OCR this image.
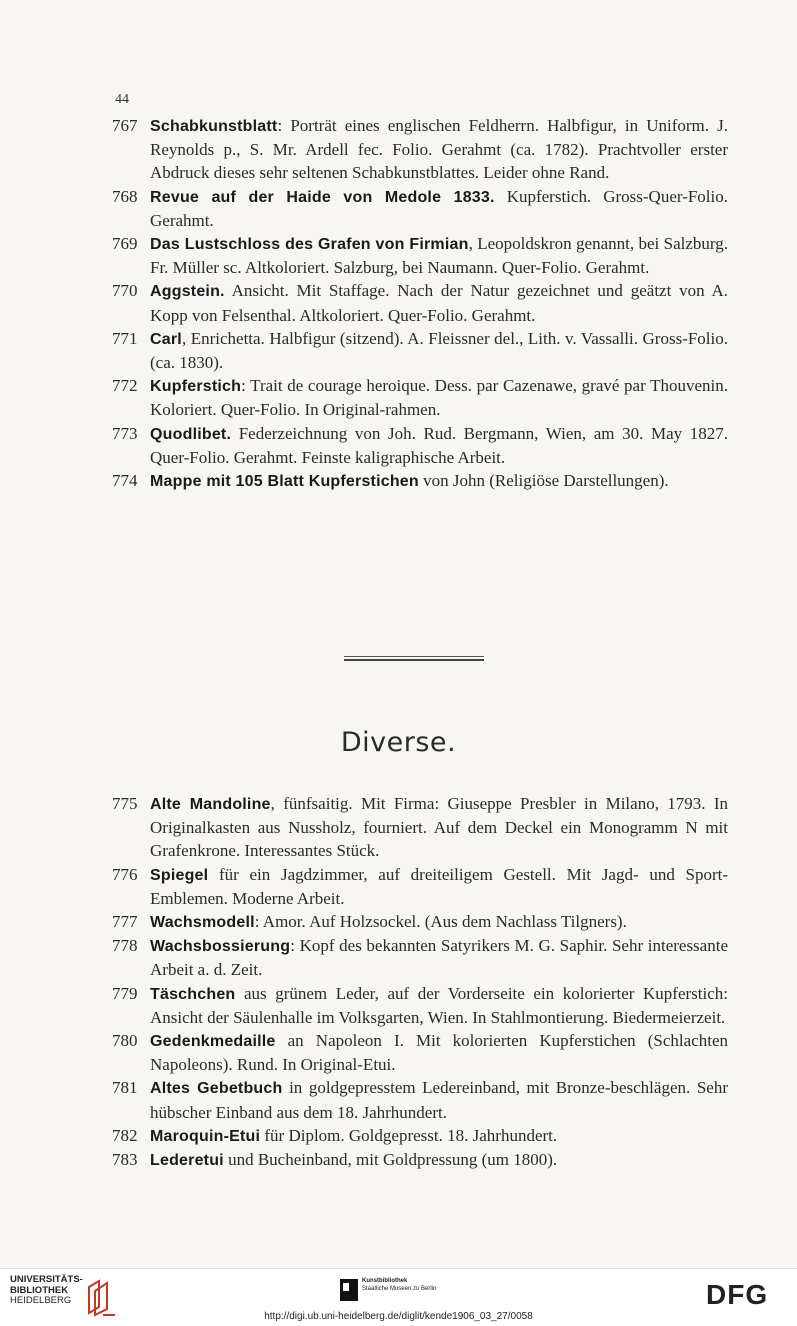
44
767 Schabkunstblatt: Porträt eines englischen Feldherrn. Halbfigur, in Uniform. J. Reynolds p., S. Mr. Ardell fec. Folio. Gerahmt (ca. 1782). Prachtvoller erster Abdruck dieses sehr seltenen Schabkunstblattes. Leider ohne Rand.
768 Revue auf der Haide von Medole 1833. Kupferstich. Gross-Quer-Folio. Gerahmt.
769 Das Lustschloss des Grafen von Firmian, Leopoldskron genannt, bei Salzburg. Fr. Müller sc. Altkoloriert. Salzburg, bei Naumann. Quer-Folio. Gerahmt.
770 Aggstein. Ansicht. Mit Staffage. Nach der Natur gezeichnet und geätzt von A. Kopp von Felsenthal. Altkoloriert. Quer-Folio. Gerahmt.
771 Carl, Enrichetta. Halbfigur (sitzend). A. Fleissner del., Lith. v. Vassalli. Gross-Folio. (ca. 1830).
772 Kupferstich: Trait de courage heroique. Dess. par Cazenawe, gravé par Thouvenin. Koloriert. Quer-Folio. In Original-rahmen.
773 Quodlibet. Federzeichnung von Joh. Rud. Bergmann, Wien, am 30. May 1827. Quer-Folio. Gerahmt. Feinste kaligraphische Arbeit.
774 Mappe mit 105 Blatt Kupferstichen von John (Religiöse Darstellungen).
Diverse.
775 Alte Mandoline, fünfsaitig. Mit Firma: Giuseppe Presbler in Milano, 1793. In Originalkasten aus Nussholz, fourniert. Auf dem Deckel ein Monogramm N mit Grafenkrone. Interessantes Stück.
776 Spiegel für ein Jagdzimmer, auf dreiteiligem Gestell. Mit Jagd- und Sport-Emblemen. Moderne Arbeit.
777 Wachsmodell: Amor. Auf Holzsockel. (Aus dem Nachlass Tilgners).
778 Wachsbossierung: Kopf des bekannten Satyrikers M. G. Saphir. Sehr interessante Arbeit a. d. Zeit.
779 Täschchen aus grünem Leder, auf der Vorderseite ein kolorierter Kupferstich: Ansicht der Säulenhalle im Volksgarten, Wien. In Stahlmontierung. Biedermeierzeit.
780 Gedenkmedaille an Napoleon I. Mit kolorierten Kupferstichen (Schlachten Napoleons). Rund. In Original-Etui.
781 Altes Gebetbuch in goldgepresstem Ledereinband, mit Bronze-beschlägen. Sehr hübscher Einband aus dem 18. Jahrhundert.
782 Maroquin-Etui für Diplom. Goldgepresst. 18. Jahrhundert.
783 Lederetui und Bucheinband, mit Goldpressung (um 1800).
UNIVERSITÄTS-
BIBLIOTHEK
HEIDELBERG
Kunstbibliothek
Staatliche Museen zu Berlin	DFG
http://digi.ub.uni-heidelberg.de/diglit/kende1906_03_27/0058
